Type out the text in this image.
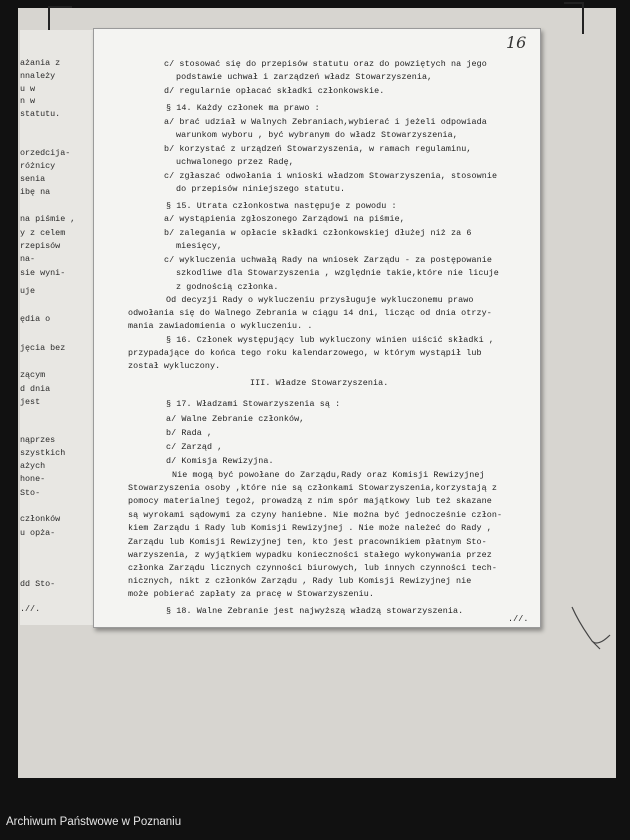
ażania z
nnależy
u w
n w
statutu.
orzedcija-
różnicy
senia
ibę na
na piśmie ,
y z celem
rzepisów
na-
sie wyni-
uje
ędia o
jęcia bez
zącym
d dnia
jest
nąprzes
szystkich
ażych
hone-
Sto-
członków
u opża-
dd Sto-
.//.
16
c/ stosować się do przepisów statutu oraz do powziętych na jego
podstawie uchwał i zarządzeń władz Stowarzyszenia,
d/ regularnie opłacać składki członkowskie.
§ 14. Każdy członek ma prawo :
a/ brać udział w Walnych Zebraniach,wybierać i jeżeli odpowiada
warunkom wyboru , być wybranym do władz Stowarzyszenia,
b/ korzystać z urządzeń Stowarzyszenia, w ramach regulaminu,
uchwalonego przez Radę,
c/ zgłaszać odwołania i wnioski władzom Stowarzyszenia, stosownie
do przepisów niniejszego statutu.
§ 15. Utrata członkostwa następuje z powodu :
a/ wystąpienia zgłoszonego Zarządowi na piśmie,
b/ zalegania w opłacie składki członkowskiej dłużej niż za 6
miesięcy,
c/ wykluczenia uchwałą Rady na wniosek Zarządu - za postępowanie
szkodliwe dla Stowarzyszenia , względnie takie,które nie licuje
z godnością członka.
Od decyzji Rady o wykluczeniu przysługuje wykluczonemu prawo
odwołania się do Walnego Zebrania w ciągu 14 dni, licząc od dnia otrzy-
mania zawiadomienia o wykluczeniu. .
§ 16. Członek występujący lub wykluczony winien uiścić składki ,
przypadające do końca tego roku kalendarzowego, w którym wystąpił lub
został wykluczony.
III. Władze Stowarzyszenia.
§ 17. Władzami Stowarzyszenia są :
a/ Walne Zebranie członków,
b/ Rada ,
c/ Zarząd ,
d/ Komisja Rewizyjna.
Nie mogą być powołane do Zarządu,Rady oraz Komisji Rewizyjnej
Stowarzyszenia osoby ,które nie są członkami Stowarzyszenia,korzystają z
pomocy materialnej tegoż, prowadzą z nim spór majątkowy lub też skazane
są wyrokami sądowymi za czyny haniebne. Nie można być jednocześnie człon-
kiem Zarządu i Rady lub Komisji Rewizyjnej . Nie może należeć do Rady ,
Zarządu lub Komisji Rewizyjnej ten, kto jest pracownikiem płatnym Sto-
warzyszenia, z wyjątkiem wypadku konieczności stałego wykonywania przez
członka Zarządu licznych czynności biurowych, lub innych czynności tech-
nicznych, nikt z członków Zarządu , Rady lub Komisji Rewizyjnej nie
może pobierać zapłaty za pracę w Stowarzyszeniu.
§ 18. Walne Zebranie jest najwyższą władzą stowarzyszenia.
.//.
Archiwum Państwowe w Poznaniu
